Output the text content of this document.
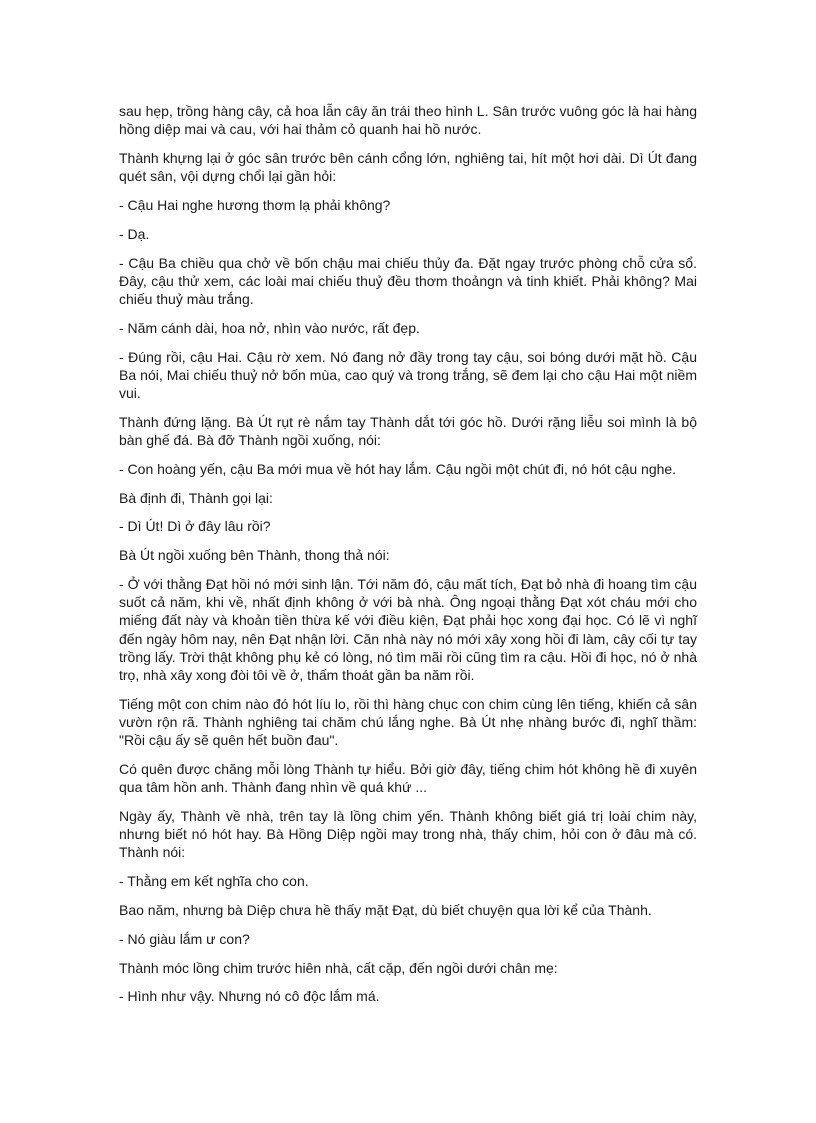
sau hẹp, trồng hàng cây, cả hoa lẫn cây ăn trái theo hình L. Sân trước vuông góc là hai hàng hồng diệp mai và cau, với hai thảm cỏ quanh hai hồ nước.

Thành khựng lại ở góc sân trước bên cánh cổng lớn, nghiêng tai, hít một hơi dài. Dì Út đang quét sân, vội dựng chổi lại gần hỏi:

- Cậu Hai nghe hương thơm lạ phải không?

- Dạ.

- Cậu Ba chiều qua chở về bốn chậu mai chiếu thủy đa. Đặt ngay trước phòng chỗ cửa sổ. Đây, cậu thử xem, các loài mai chiếu thuỷ đều thơm thoảngn và tinh khiết. Phải không? Mai chiếu thuỷ màu trắng.

- Năm cánh dài, hoa nở, nhìn vào nước, rất đẹp.

- Đúng rồi, cậu Hai. Cậu rờ xem. Nó đang nở đầy trong tay cậu, soi bóng dưới mặt hồ. Cậu Ba nói, Mai chiếu thuỷ nở bốn mùa, cao quý và trong trắng, sẽ đem lại cho cậu Hai một niềm vui.

Thành đứng lặng. Bà Út rụt rè nắm tay Thành dắt tới góc hồ. Dưới rặng liễu soi mình là bộ bàn ghế đá. Bà đỡ Thành ngồi xuống, nói:

- Con hoàng yến, cậu Ba mới mua về hót hay lắm. Cậu ngồi một chút đi, nó hót cậu nghe.

Bà định đi, Thành gọi lại:

- Dì Út! Dì ở đây lâu rồi?

Bà Út ngồi xuống bên Thành, thong thả nói:

- Ở với thằng Đạt hồi nó mới sinh lận. Tới năm đó, cậu mất tích, Đạt bỏ nhà đi hoang tìm cậu suốt cả năm, khi về, nhất định không ở với bà nhà. Ông ngoại thằng Đạt xót cháu mới cho miếng đất này và khoản tiền thừa kế với điều kiện, Đạt phải học xong đại học. Có lẽ vì nghĩ đến ngày hôm nay, nên Đạt nhận lời. Căn nhà này nó mới xây xong hồi đi làm, cây cối tự tay trồng lấy. Trời thật không phụ kẻ có lòng, nó tìm mãi rồi cũng tìm ra cậu. Hồi đi học, nó ở nhà trọ, nhà xây xong đòi tôi về ở, thấm thoát gần ba năm rồi.

Tiếng một con chim nào đó hót líu lo, rồi thì hàng chục con chim cùng lên tiếng, khiến cả sân vườn rộn rã. Thành nghiêng tai chăm chú lắng nghe. Bà Út nhẹ nhàng bước đi, nghĩ thầm: "Rồi cậu ấy sẽ quên hết buồn đau".

Có quên được chăng mỗi lòng Thành tự hiểu. Bởi giờ đây, tiếng chim hót không hề đi xuyên qua tâm hồn anh. Thành đang nhìn về quá khứ ...

Ngày ấy, Thành về nhà, trên tay là lồng chim yến. Thành không biết giá trị loài chim này, nhưng biết nó hót hay. Bà Hồng Diệp ngồi may trong nhà, thấy chim, hỏi con ở đâu mà có. Thành nói:

- Thằng em kết nghĩa cho con.

Bao năm, nhưng bà Diệp chưa hề thấy mặt Đạt, dù biết chuyện qua lời kể của Thành.

- Nó giàu lắm ư con?

Thành móc lồng chim trước hiên nhà, cất cặp, đến ngồi dưới chân mẹ:

- Hình như vậy. Nhưng nó cô độc lắm má.
